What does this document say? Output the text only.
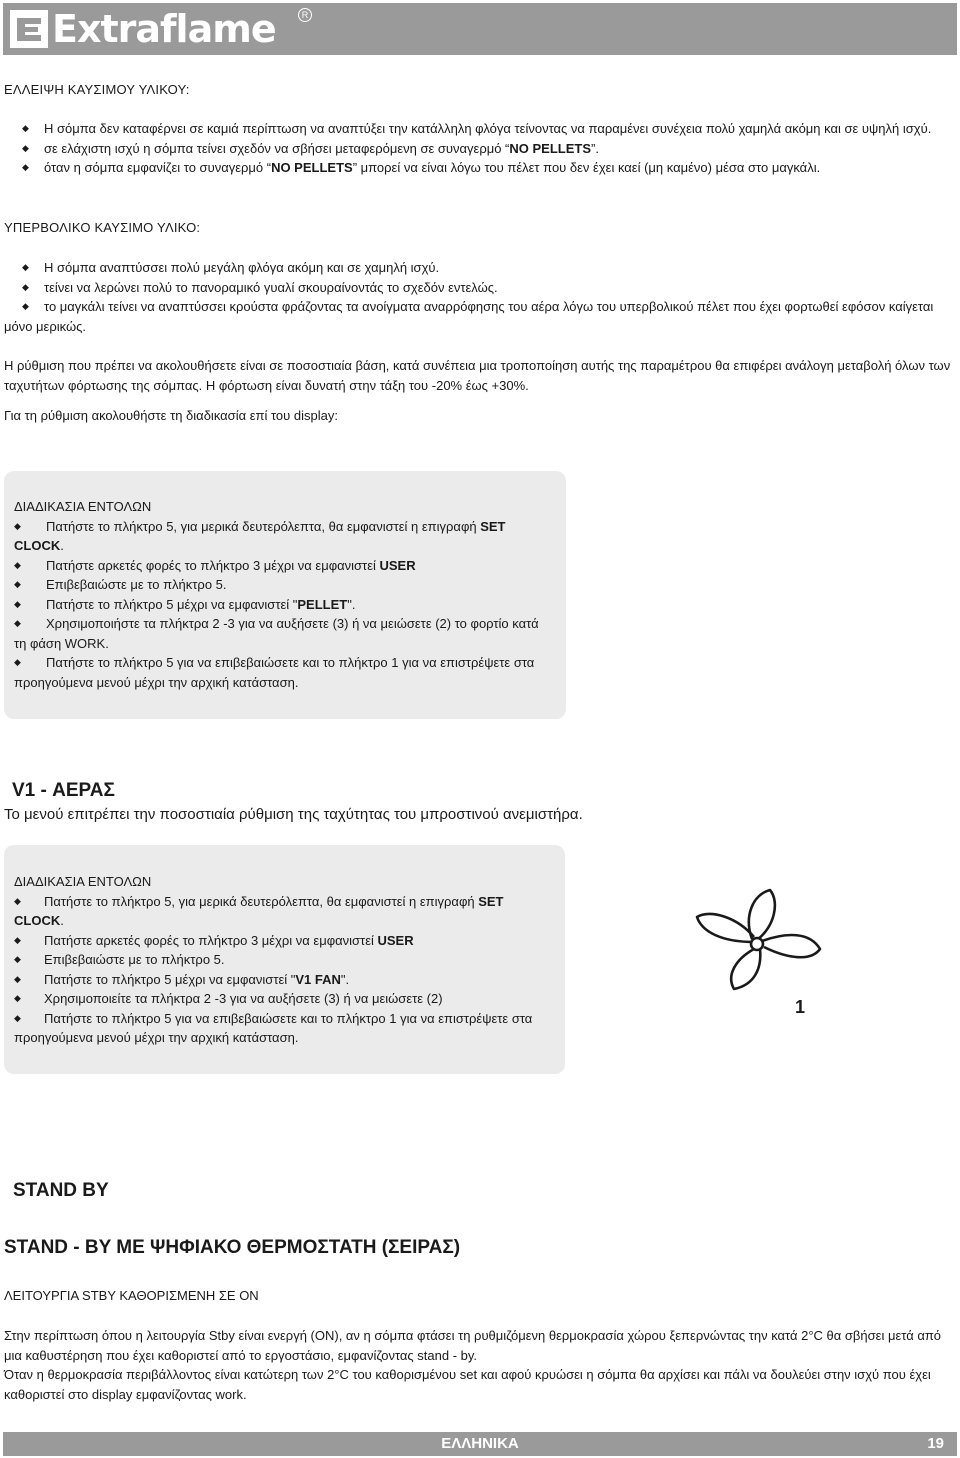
Extraflame	R
ΕΛΛΕΙΨΗ ΚΑΥΣΙΜΟΥ ΥΛΙΚΟΥ:
◆ Η σόμπα δεν καταφέρνει σε καμιά περίπτωση να αναπτύξει την κατάλληλη φλόγα τείνοντας να παραμένει συνέχεια πολύ χαμηλά ακόμη και σε υψηλή ισχύ.
◆ σε ελάχιστη ισχύ η σόμπα τείνει σχεδόν να σβήσει μεταφερόμενη σε συναγερμό “NO PELLETS”.
◆ όταν η σόμπα εμφανίζει το συναγερμό “NO PELLETS” μπορεί να είναι λόγω του πέλετ που δεν έχει καεί (μη καμένο) μέσα στο μαγκάλι.
ΥΠΕΡΒΟΛΙΚΟ ΚΑΥΣΙΜΟ ΥΛΙΚΟ:
◆ Η σόμπα αναπτύσσει πολύ μεγάλη φλόγα ακόμη και σε χαμηλή ισχύ.
◆ τείνει να λερώνει πολύ το πανοραμικό γυαλί σκουραίνοντάς το σχεδόν εντελώς.
◆ το μαγκάλι τείνει να αναπτύσσει κρούστα φράζοντας τα ανοίγματα αναρρόφησης του αέρα λόγω του υπερβολικού πέλετ που έχει φορτωθεί εφόσον καίγεται μόνο μερικώς.
Η ρύθμιση που πρέπει να ακολουθήσετε είναι σε ποσοστιαία βάση, κατά συνέπεια μια τροποποίηση αυτής της παραμέτρου θα επιφέρει ανάλογη μεταβολή όλων των ταχυτήτων φόρτωσης της σόμπας. Η φόρτωση είναι δυνατή στην τάξη του -20% έως +30%.
Για τη ρύθμιση ακολουθήστε τη διαδικασία επί του display:
ΔΙΑΔΙΚΑΣΙΑ ΕΝΤΟΛΩΝ
◆ Πατήστε το πλήκτρο 5, για μερικά δευτερόλεπτα, θα εμφανιστεί η επιγραφή SET CLOCK.
◆ Πατήστε αρκετές φορές το πλήκτρο 3 μέχρι να εμφανιστεί USER
◆ Επιβεβαιώστε με το πλήκτρο 5.
◆ Πατήστε το πλήκτρο 5 μέχρι να εμφανιστεί "PELLET".
◆ Χρησιμοποιήστε τα πλήκτρα 2 -3 για να αυξήσετε (3) ή να μειώσετε (2) το φορτίο κατά τη φάση WORK.
◆ Πατήστε το πλήκτρο 5 για να επιβεβαιώσετε και το πλήκτρο 1 για να επιστρέψετε στα προηγούμενα μενού μέχρι την αρχική κατάσταση.
V1 - ΑΕΡΑΣ
Το μενού επιτρέπει την ποσοστιαία ρύθμιση της ταχύτητας του μπροστινού ανεμιστήρα.
ΔΙΑΔΙΚΑΣΙΑ ΕΝΤΟΛΩΝ
◆ Πατήστε το πλήκτρο 5, για μερικά δευτερόλεπτα, θα εμφανιστεί η επιγραφή SET CLOCK.
◆ Πατήστε αρκετές φορές το πλήκτρο 3 μέχρι να εμφανιστεί USER
◆ Επιβεβαιώστε με το πλήκτρο 5.
◆ Πατήστε το πλήκτρο 5 μέχρι να εμφανιστεί "V1 FAN".
◆ Χρησιμοποιείτε τα πλήκτρα 2 -3 για να αυξήσετε (3) ή να μειώσετε (2)
◆ Πατήστε το πλήκτρο 5 για να επιβεβαιώσετε και το πλήκτρο 1 για να επιστρέψετε στα προηγούμενα μενού μέχρι την αρχική κατάσταση.
1
STAND BY
STAND - BY ΜΕ ΨΗΦΙΑΚΟ ΘΕΡΜΟΣΤΑΤΗ (ΣΕΙΡΑΣ)
ΛΕΙΤΟΥΡΓΙΑ STBY ΚΑΘΟΡΙΣΜΕΝΗ ΣΕ ON
Στην περίπτωση όπου η λειτουργία Stby είναι ενεργή (ON), αν η σόμπα φτάσει τη ρυθμιζόμενη θερμοκρασία χώρου ξεπερνώντας την κατά 2°C θα σβήσει μετά από μια καθυστέρηση που έχει καθοριστεί από το εργοστάσιο, εμφανίζοντας stand - by.
Όταν η θερμοκρασία περιβάλλοντος είναι κατώτερη των 2°C του καθορισμένου set και αφού κρυώσει η σόμπα θα αρχίσει και πάλι να δουλεύει στην ισχύ που έχει καθοριστεί στο display εμφανίζοντας work.
ΕΛΛΗΝΙΚΑ	19
